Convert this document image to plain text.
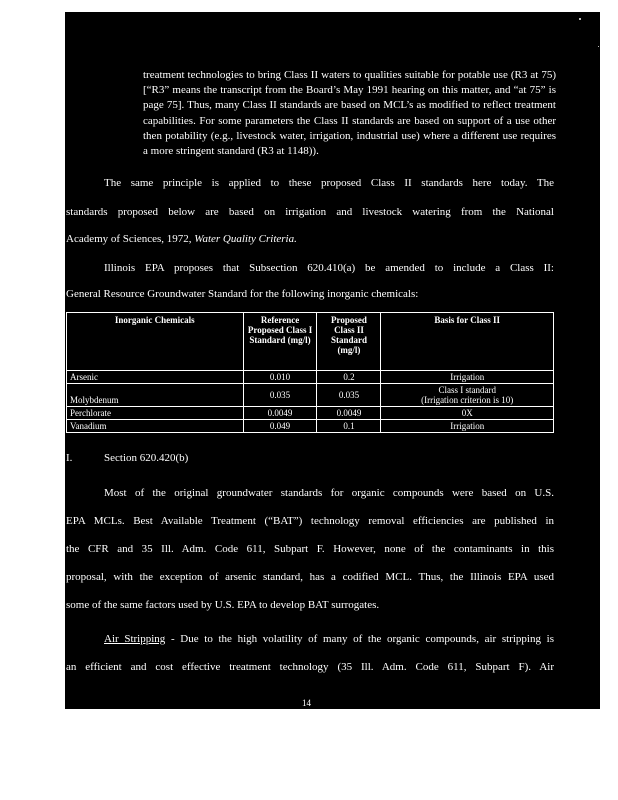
treatment technologies to bring Class II waters to qualities suitable for potable use (R3 at 75) [“R3” means the transcript from the Board’s May 1991 hearing on this matter, and “at 75” is page 75]. Thus, many Class II standards are based on MCL’s as modified to reflect treatment capabilities. For some parameters the Class II standards are based on support of a use other then potability (e.g., livestock water, irrigation, industrial use) where a different use requires a more stringent standard (R3 at 1148)).

The same principle is applied to these proposed Class II standards here today. The

standards proposed below are based on irrigation and livestock watering from the National

Academy of Sciences, 1972, Water Quality Criteria.

Illinois EPA proposes that Subsection 620.410(a) be amended to include a Class II:

General Resource Groundwater Standard for the following inorganic chemicals:

Inorganic Chemicals	Reference Proposed Class I Standard (mg/l)	Proposed Class II Standard (mg/l)	Basis for Class II
Arsenic	0.010	0.2	Irrigation
Molybdenum	0.035	0.035	Class I standard
(Irrigation criterion is 10)
Perchlorate	0.0049	0.0049	0X
Vanadium	0.049	0.1	Irrigation
I.	Section 620.420(b)

Most of the original groundwater standards for organic compounds were based on U.S.

EPA MCLs. Best Available Treatment (“BAT”) technology removal efficiencies are published in

the CFR and 35 Ill. Adm. Code 611, Subpart F. However, none of the contaminants in this

proposal, with the exception of arsenic standard, has a codified MCL. Thus, the Illinois EPA used

some of the same factors used by U.S. EPA to develop BAT surrogates.

Air Stripping - Due to the high volatility of many of the organic compounds, air stripping is

an efficient and cost effective treatment technology (35 Ill. Adm. Code 611, Subpart F). Air

14
